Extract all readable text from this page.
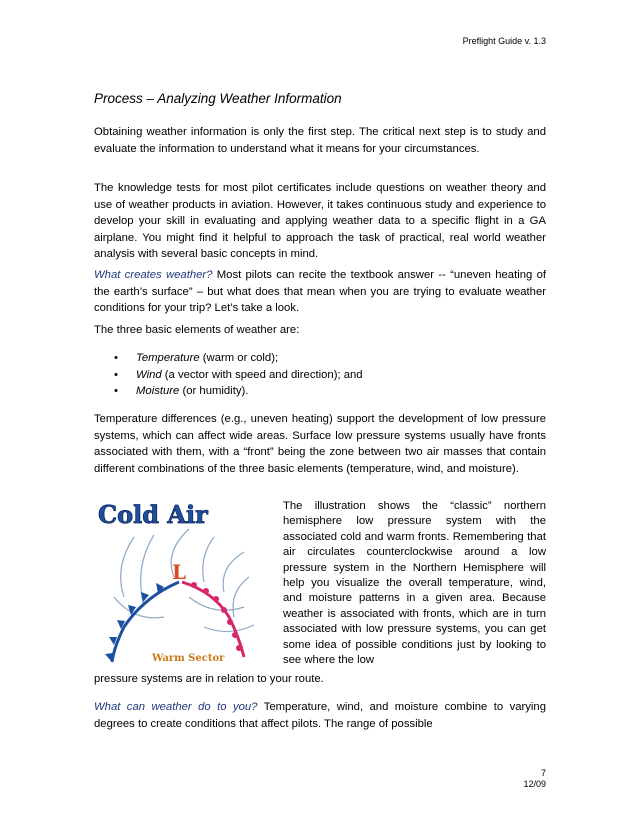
Preflight Guide v. 1.3
Process – Analyzing Weather Information

Obtaining weather information is only the first step. The critical next step is to study and evaluate the information to understand what it means for your circumstances.

The knowledge tests for most pilot certificates include questions on weather theory and use of weather products in aviation. However, it takes continuous study and experience to develop your skill in evaluating and applying weather data to a specific flight in a GA airplane. You might find it helpful to approach the task of practical, real world weather analysis with several basic concepts in mind.

What creates weather? Most pilots can recite the textbook answer -- “uneven heating of the earth’s surface” – but what does that mean when you are trying to evaluate weather conditions for your trip? Let’s take a look.

The three basic elements of weather are:

• Temperature (warm or cold);
• Wind (a vector with speed and direction); and
• Moisture (or humidity).

Temperature differences (e.g., uneven heating) support the development of low pressure systems, which can affect wide areas. Surface low pressure systems usually have fronts associated with them, with a “front” being the zone between two air masses that contain different combinations of the three basic elements (temperature, wind, and moisture).

Cold Air
L
Warm Sector

The illustration shows the “classic” northern hemisphere low pressure system with the associated cold and warm fronts. Remembering that air circulates counterclockwise around a low pressure system in the Northern Hemisphere will help you visualize the overall temperature, wind, and moisture patterns in a given area. Because weather is associated with fronts, which are in turn associated with low pressure systems, you can get some idea of possible conditions just by looking to see where the low

pressure systems are in relation to your route.

What can weather do to you? Temperature, wind, and moisture combine to varying degrees to create conditions that affect pilots. The range of possible

7
12/09
